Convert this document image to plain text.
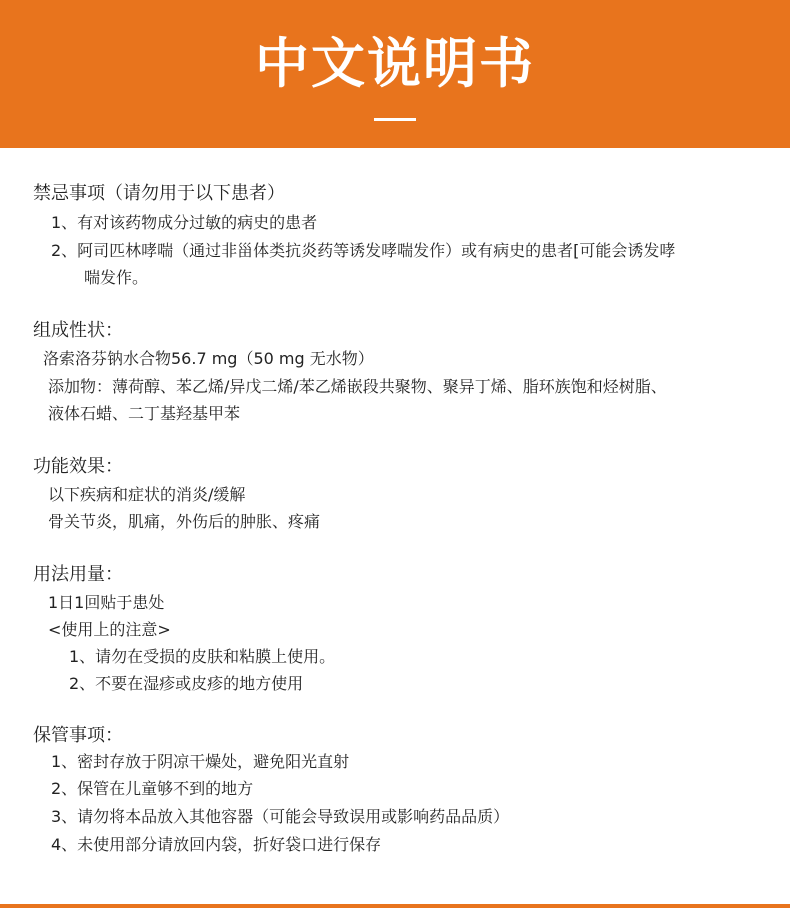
中文说明书
禁忌事项（请勿用于以下患者）
1、有对该药物成分过敏的病史的患者
2、阿司匹林哮喘（通过非甾体类抗炎药等诱发哮喘发作）或有病史的患者[可能会诱发哮
喘发作。
组成性状：
洛索洛芬钠水合物56.7 mg（50 mg 无水物）
添加物：薄荷醇、苯乙烯/异戊二烯/苯乙烯嵌段共聚物、聚异丁烯、脂环族饱和烃树脂、
液体石蜡、二丁基羟基甲苯
功能效果：
以下疾病和症状的消炎/缓解
骨关节炎，肌痛，外伤后的肿胀、疼痛
用法用量：
1日1回贴于患处
<使用上的注意>
1、请勿在受损的皮肤和粘膜上使用。
2、不要在湿疹或皮疹的地方使用
保管事项：
1、密封存放于阴凉干燥处，避免阳光直射
2、保管在儿童够不到的地方
3、请勿将本品放入其他容器（可能会导致误用或影响药品品质）
4、未使用部分请放回内袋，折好袋口进行保存
